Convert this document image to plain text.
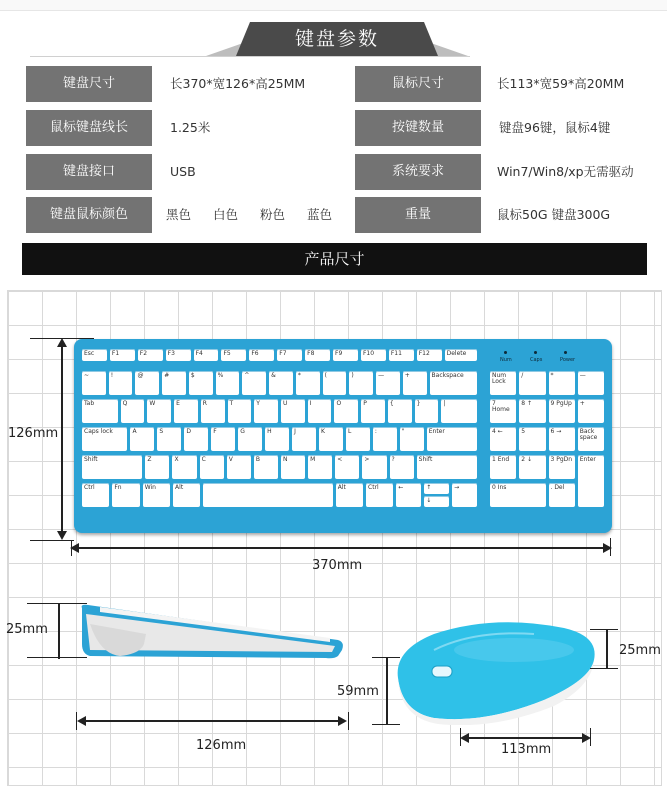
键盘参数
键盘尺寸	长370*宽126*高25MM
鼠标键盘线长	1.25米
键盘接口	USB
键盘鼠标颜色	黑色 白色 粉色 蓝色
鼠标尺寸	长113*宽59*高20MM
按键数量	键盘96键，鼠标4键
系统要求	Win7/Win8/xp无需驱动
重量	鼠标50G 键盘300G
产品尺寸
126mm
370mm
Esc	F1	F2	F3	F4	F5	F6	F7	F8	F9	F10	F11	F12	Delete
~	!	@	#	$	%	^	&	*	(	)	—	+	Backspace
Tab	Q	W	E	R	T	Y	U	I	O	P	{	}	|
Caps lock	A	S	D	F	G	H	J	K	L	:	"	Enter
Shift	Z	X	C	V	B	N	M	<	>	?	Shift
Ctrl	Fn	Win	Alt	Alt	Ctrl	←
↓
↑	→
Num Lock
/	*	—
7 Home
8 ↑	9 PgUp	+
4 ←	5	6 →	Back space
1 End	2 ↓	3 PgDn	Enter
0 Ins	. Del
Num	Caps	Power
25mm
126mm
59mm
25mm
113mm
